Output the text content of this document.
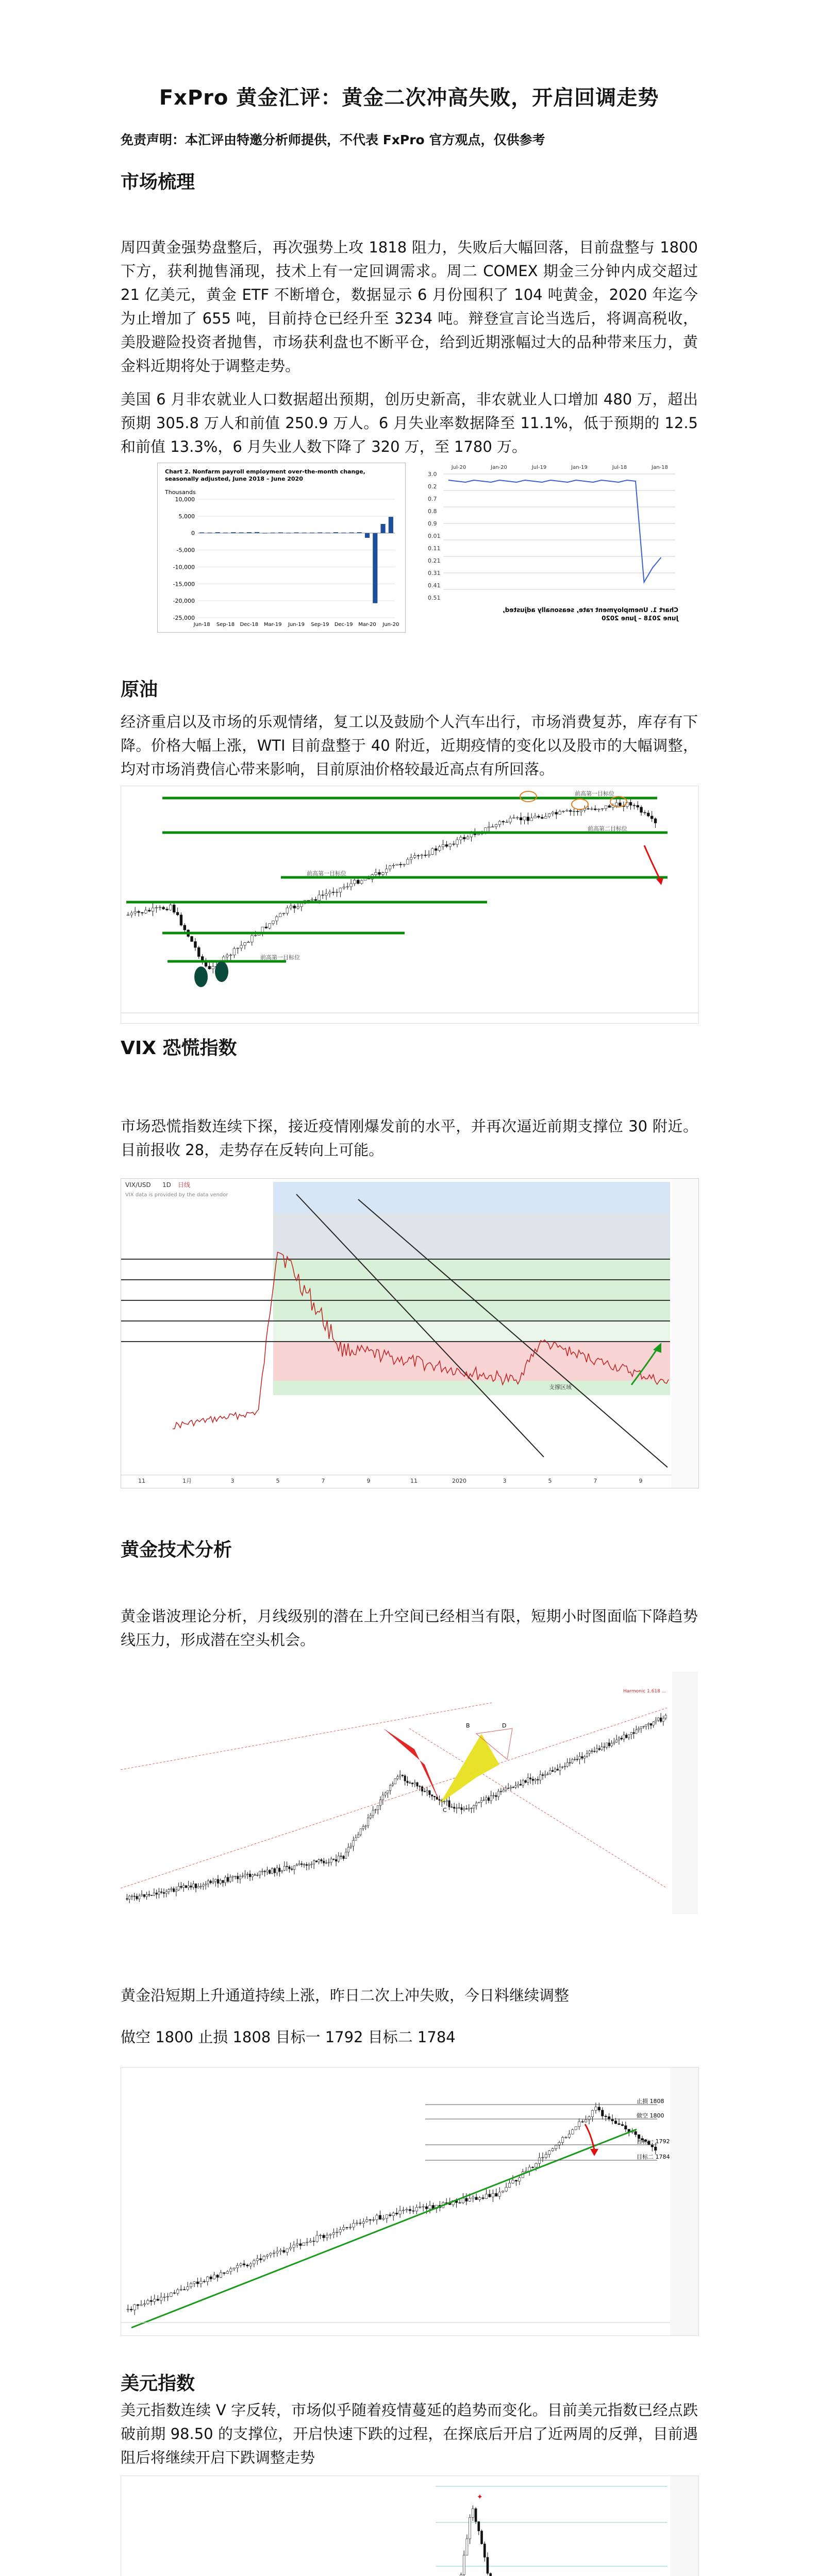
FxPro 黄金汇评：黄金二次冲高失败，开启回调走势
免责声明：本汇评由特邀分析师提供，不代表 FxPro 官方观点，仅供参考
市场梳理
周四黄金强势盘整后，再次强势上攻 1818 阻力，失败后大幅回落，目前盘整与 1800 下方，获利抛售涌现，技术上有一定回调需求。周二 COMEX 期金三分钟内成交超过 21 亿美元，黄金 ETF 不断增仓，数据显示 6 月份囤积了 104 吨黄金，2020 年迄今为止增加了 655 吨，目前持仓已经升至 3234 吨。辩登宣言论当选后，将调高税收，美股避险投资者抛售，市场获利盘也不断平仓，给到近期涨幅过大的品种带来压力，黄金料近期将处于调整走势。
美国 6 月非农就业人口数据超出预期，创历史新高，非农就业人口增加 480 万，超出预期 305.8 万人和前值 250.9 万人。6 月失业率数据降至 11.1%，低于预期的 12.5 和前值 13.3%，6 月失业人数下降了 320 万，至 1780 万。
Chart 2. Nonfarm payroll employment over-the-month change,
seasonally adjusted, June 2018 – June 2020
Thousands
10,000
5,000
0
-5,000
-10,000
-15,000
-20,000
-25,000
Jun-18 Sep-18 Dec-18 Mar-19 Jun-19 Sep-19 Dec-19 Mar-20 Jun-20
3.0
0.2
0.7
0.8
0.9
0.01
0.11
0.21
0.31
0.41
0.51
Jan-18
Jul-18
Jan-19
Jul-19
Jan-20
Jul-20
Chart 1. Unemployment rate, seasonally adjusted,
June 2018 – June 2020
原油
经济重启以及市场的乐观情绪，复工以及鼓励个人汽车出行，市场消费复苏，库存有下降。价格大幅上涨，WTI 目前盘整于 40 附近，近期疫情的变化以及股市的大幅调整，均对市场消费信心带来影响，目前原油价格较最近高点有所回落。
前高第一目标位
前高第二目标位
前高第一目标位
前高第一目标位
VIX 恐慌指数
市场恐慌指数连续下探，接近疫情刚爆发前的水平，并再次逼近前期支撑位 30 附近。目前报收 28，走势存在反转向上可能。
VIX/USD 1D 日线
VIX data is provided by the data vendor
支撑区域
11	1月	3	5	7	9	11	2020	3	5	7	9
黄金技术分析
黄金谐波理论分析，月线级别的潜在上升空间已经相当有限，短期小时图面临下降趋势线压力，形成潜在空头机会。
B
C
D
Harmonic 1.618 ...
黄金沿短期上升通道持续上涨，昨日二次上冲失败，今日料继续调整
做空 1800 止损 1808 目标一 1792 目标二 1784
止损 1808
做空 1800
目标一 1792
目标二 1784
美元指数
美元指数连续 V 字反转，市场似乎随着疫情蔓延的趋势而变化。目前美元指数已经点跌破前期 98.50 的支撑位，开启快速下跌的过程，在探底后开启了近两周的反弹，目前遇阻后将继续开启下跌调整走势
✦
